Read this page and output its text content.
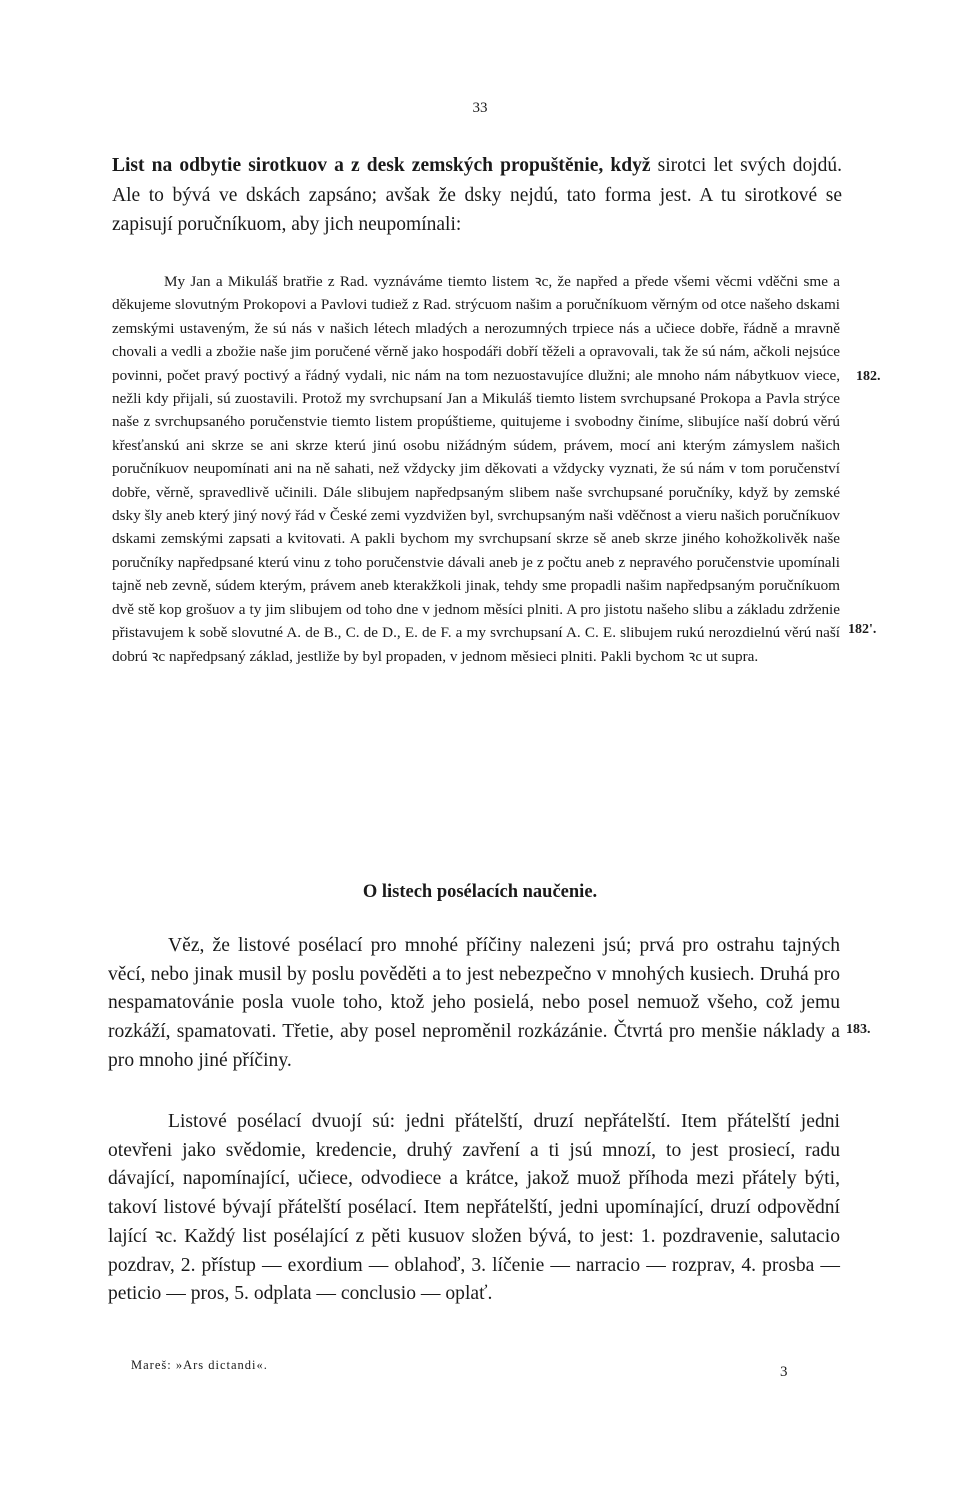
33
List na odbytie sirotkuov a z desk zemských propuštěnie, když sirotci let svých dojdú. Ale to bývá ve dskách zapsáno; avšak že dsky nejdú, tato forma jest. A tu sirotkové se zapisují poručníkuom, aby jich neupomínali:
My Jan a Mikuláš bratřie z Rad. vyznáváme tiemto listem ꝛc, že napřed a přede všemi věcmi vděčni sme a děkujeme slovutným Prokopovi a Pavlovi tudiež z Rad. strýcuom našim a poručníkuom věrným od otce našeho dskami zemskými ustaveným, že sú nás v našich létech mladých a nerozumných trpiece nás a učiece dobře, řádně a mravně chovali a vedli a zbožie naše jim poručené věrně jako hospodáři dobří těželi a opravovali, tak že sú nám, ačkoli nejsúce povinni, počet pravý poctivý a řádný vydali, nic nám na tom nezuostavujíce dlužni; ale mnoho nám nábytkuov viece, nežli kdy přijali, sú zuostavili. Protož my svrchupsaní Jan a Mikuláš tiemto listem svrchupsané Prokopa a Pavla strýce naše z svrchupsaného poručenstvie tiemto listem propúštieme, quitujeme i svobodny činíme, slibujíce naší dobrú věrú křesťanskú ani skrze se ani skrze kterú jinú osobu nižádným súdem, právem, mocí ani kterým zámyslem našich poručníkuov neupomínati ani na ně sahati, než vždycky jim děkovati a vždycky vyznati, že sú nám v tom poručenství dobře, věrně, spravedlivě učinili. Dále slibujem napředpsaným slibem naše svrchupsané poručníky, když by zemské dsky šly aneb který jiný nový řád v České zemi vyzdvižen byl, svrchupsaným naši vděčnost a vieru našich poručníkuov dskami zemskými zapsati a kvitovati. A pakli bychom my svrchupsaní skrze sě aneb skrze jiného kohožkolivěk naše poručníky napředpsané kterú vinu z toho poručenstvie dávali aneb je z počtu aneb z nepravého poručenstvie upomínali tajně neb zevně, súdem kterým, právem aneb kterakžkoli jinak, tehdy sme propadli našim napředpsaným poručníkuom dvě stě kop grošuov a ty jim slibujem od toho dne v jednom měsíci plniti. A pro jistotu našeho slibu a základu zdrženie přistavujem k sobě slovutné A. de B., C. de D., E. de F. a my svrchupsaní A. C. E. slibujem rukú nerozdielnú věrú naší dobrú ꝛc napředpsaný základ, jestliže by byl propaden, v jednom měsieci plniti. Pakli bychom ꝛc ut supra.
182.
182'.
183.
O listech posélacích naučenie.
Věz, že listové posélací pro mnohé příčiny nalezeni jsú; prvá pro ostrahu tajných věcí, nebo jinak musil by poslu pověděti a to jest nebezpečno v mnohých kusiech. Druhá pro nespamatovánie posla vuole toho, ktož jeho posielá, nebo posel nemuož všeho, což jemu rozkáží, spamatovati. Třetie, aby posel neproměnil rozkázánie. Čtvrtá pro menšie náklady a pro mnoho jiné příčiny.
Listové posélací dvuojí sú: jedni přátelští, druzí nepřátelští. Item přátelští jedni otevřeni jako svědomie, kredencie, druhý zavření a ti jsú mnozí, to jest prosiecí, radu dávající, napomínající, učiece, odvodiece a krátce, jakož muož příhoda mezi přátely býti, takoví listové bývají přátelští posélací. Item nepřátelští, jedni upomínající, druzí odpovědní lající ꝛc. Každý list posélající z pěti kusuov složen bývá, to jest: 1. pozdravenie, salutacio pozdrav, 2. přístup — exordium — oblahoď, 3. líčenie — narracio — rozprav, 4. prosba — peticio — pros, 5. odplata — conclusio — oplať.
Mareš: »Ars dictandi«.	3
